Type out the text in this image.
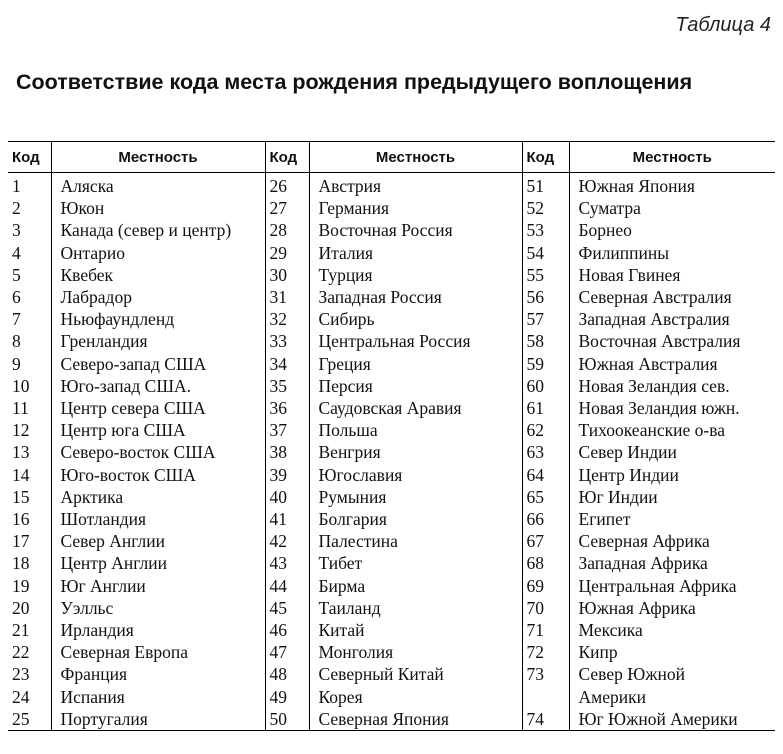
Таблица 4
Соответствие кода места рождения предыдущего воплощения
Код	Местность	Код	Местность	Код	Местность
1	Аляска	26	Австрия	51	Южная Япония
2	Юкон	27	Германия	52	Суматра
3	Канада (север и центр)	28	Восточная Россия	53	Борнео
4	Онтарио	29	Италия	54	Филиппины
5	Квебек	30	Турция	55	Новая Гвинея
6	Лабрадор	31	Западная Россия	56	Северная Австралия
7	Ньюфаундленд	32	Сибирь	57	Западная Австралия
8	Гренландия	33	Центральная Россия	58	Восточная Австралия
9	Северо-запад США	34	Греция	59	Южная Австралия
10	Юго-запад США.	35	Персия	60	Новая Зеландия сев.
11	Центр севера США	36	Саудовская Аравия	61	Новая Зеландия южн.
12	Центр юга США	37	Польша	62	Тихоокеанские о-ва
13	Северо-восток США	38	Венгрия	63	Север Индии
14	Юго-восток США	39	Югославия	64	Центр Индии
15	Арктика	40	Румыния	65	Юг Индии
16	Шотландия	41	Болгария	66	Египет
17	Север Англии	42	Палестина	67	Северная Африка
18	Центр Англии	43	Тибет	68	Западная Африка
19	Юг Англии	44	Бирма	69	Центральная Африка
20	Уэлльс	45	Таиланд	70	Южная Африка
21	Ирландия	46	Китай	71	Мексика
22	Северная Европа	47	Монголия	72	Кипр
23	Франция	48	Северный Китай	73	Север Южной
24	Испания	49	Корея		Америки
25	Португалия	50	Северная Япония	74	Юг Южной Америки
